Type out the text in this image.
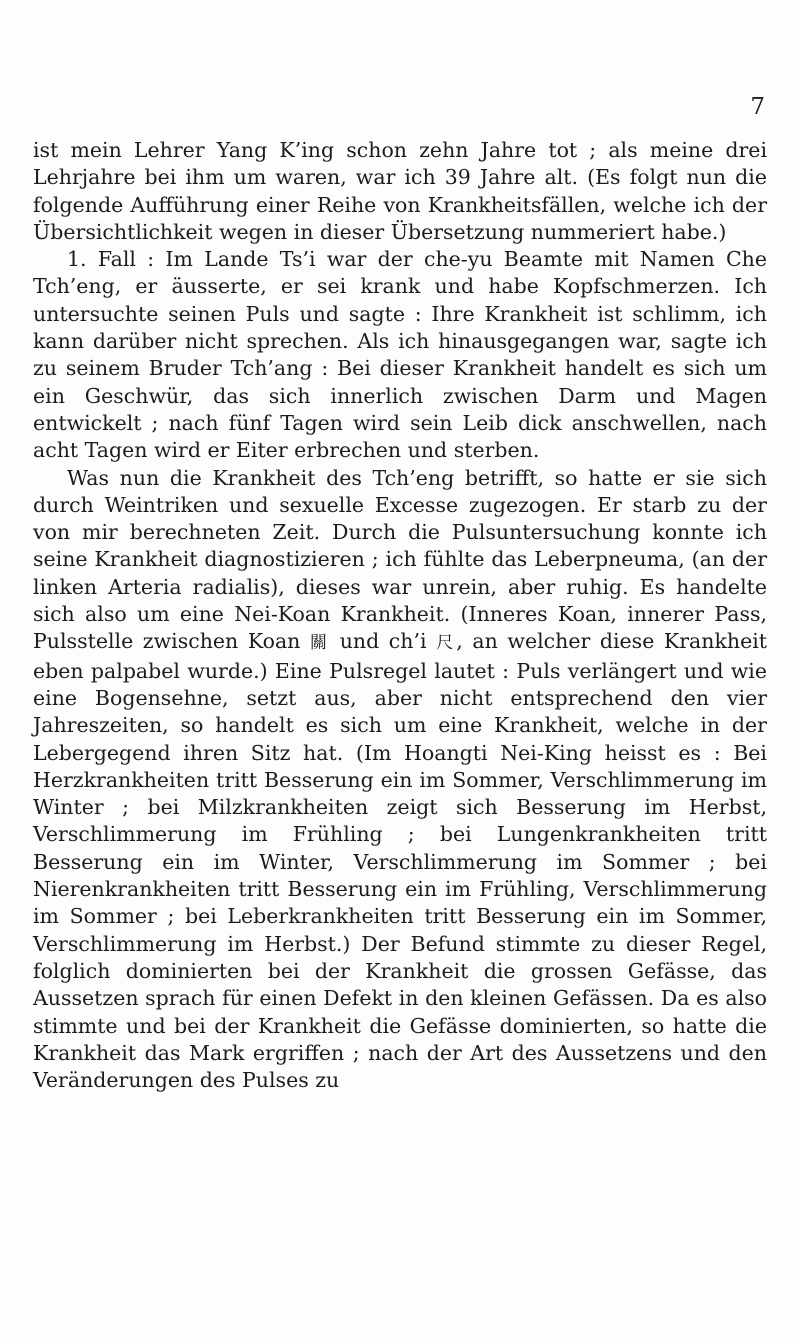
7

ist mein Lehrer Yang K’ing schon zehn Jahre tot ; als meine drei Lehrjahre bei ihm um waren, war ich 39 Jahre alt. (Es folgt nun die folgende Aufführung einer Reihe von Krankheitsfällen, welche ich der Übersichtlichkeit wegen in dieser Übersetzung nummeriert habe.)

1. Fall : Im Lande Ts’i war der che-yu Beamte mit Namen Che Tch’eng, er äusserte, er sei krank und habe Kopfschmerzen. Ich untersuchte seinen Puls und sagte : Ihre Krankheit ist schlimm, ich kann darüber nicht sprechen. Als ich hinausgegangen war, sagte ich zu seinem Bruder Tch’ang : Bei dieser Krankheit handelt es sich um ein Geschwür, das sich innerlich zwischen Darm und Magen entwickelt ; nach fünf Tagen wird sein Leib dick anschwellen, nach acht Tagen wird er Eiter erbrechen und sterben.

Was nun die Krankheit des Tch’eng betrifft, so hatte er sie sich durch Weintriken und sexuelle Excesse zugezogen. Er starb zu der von mir berechneten Zeit. Durch die Pulsuntersuchung konnte ich seine Krankheit diagnostizieren ; ich fühlte das Leberpneuma, (an der linken Arteria radialis), dieses war unrein, aber ruhig. Es handelte sich also um eine Nei-Koan Krankheit. (Inneres Koan, innerer Pass, Pulsstelle zwischen Koan 關 und ch’i 尺, an welcher diese Krankheit eben palpabel wurde.) Eine Pulsregel lautet : Puls verlängert und wie eine Bogensehne, setzt aus, aber nicht entsprechend den vier Jahreszeiten, so handelt es sich um eine Krankheit, welche in der Lebergegend ihren Sitz hat. (Im Hoangti Nei-King heisst es : Bei Herzkrankheiten tritt Besserung ein im Sommer, Verschlimmerung im Winter ; bei Milzkrankheiten zeigt sich Besserung im Herbst, Verschlimmerung im Frühling ; bei Lungenkrankheiten tritt Besserung ein im Winter, Verschlimmerung im Sommer ; bei Nierenkrankheiten tritt Besserung ein im Frühling, Verschlimmerung im Sommer ; bei Leberkrankheiten tritt Besserung ein im Sommer, Verschlimmerung im Herbst.) Der Befund stimmte zu dieser Regel, folglich dominierten bei der Krankheit die grossen Gefässe, das Aussetzen sprach für einen Defekt in den kleinen Gefässen. Da es also stimmte und bei der Krankheit die Gefässe dominierten, so hatte die Krankheit das Mark ergriffen ; nach der Art des Aussetzens und den Veränderungen des Pulses zu
